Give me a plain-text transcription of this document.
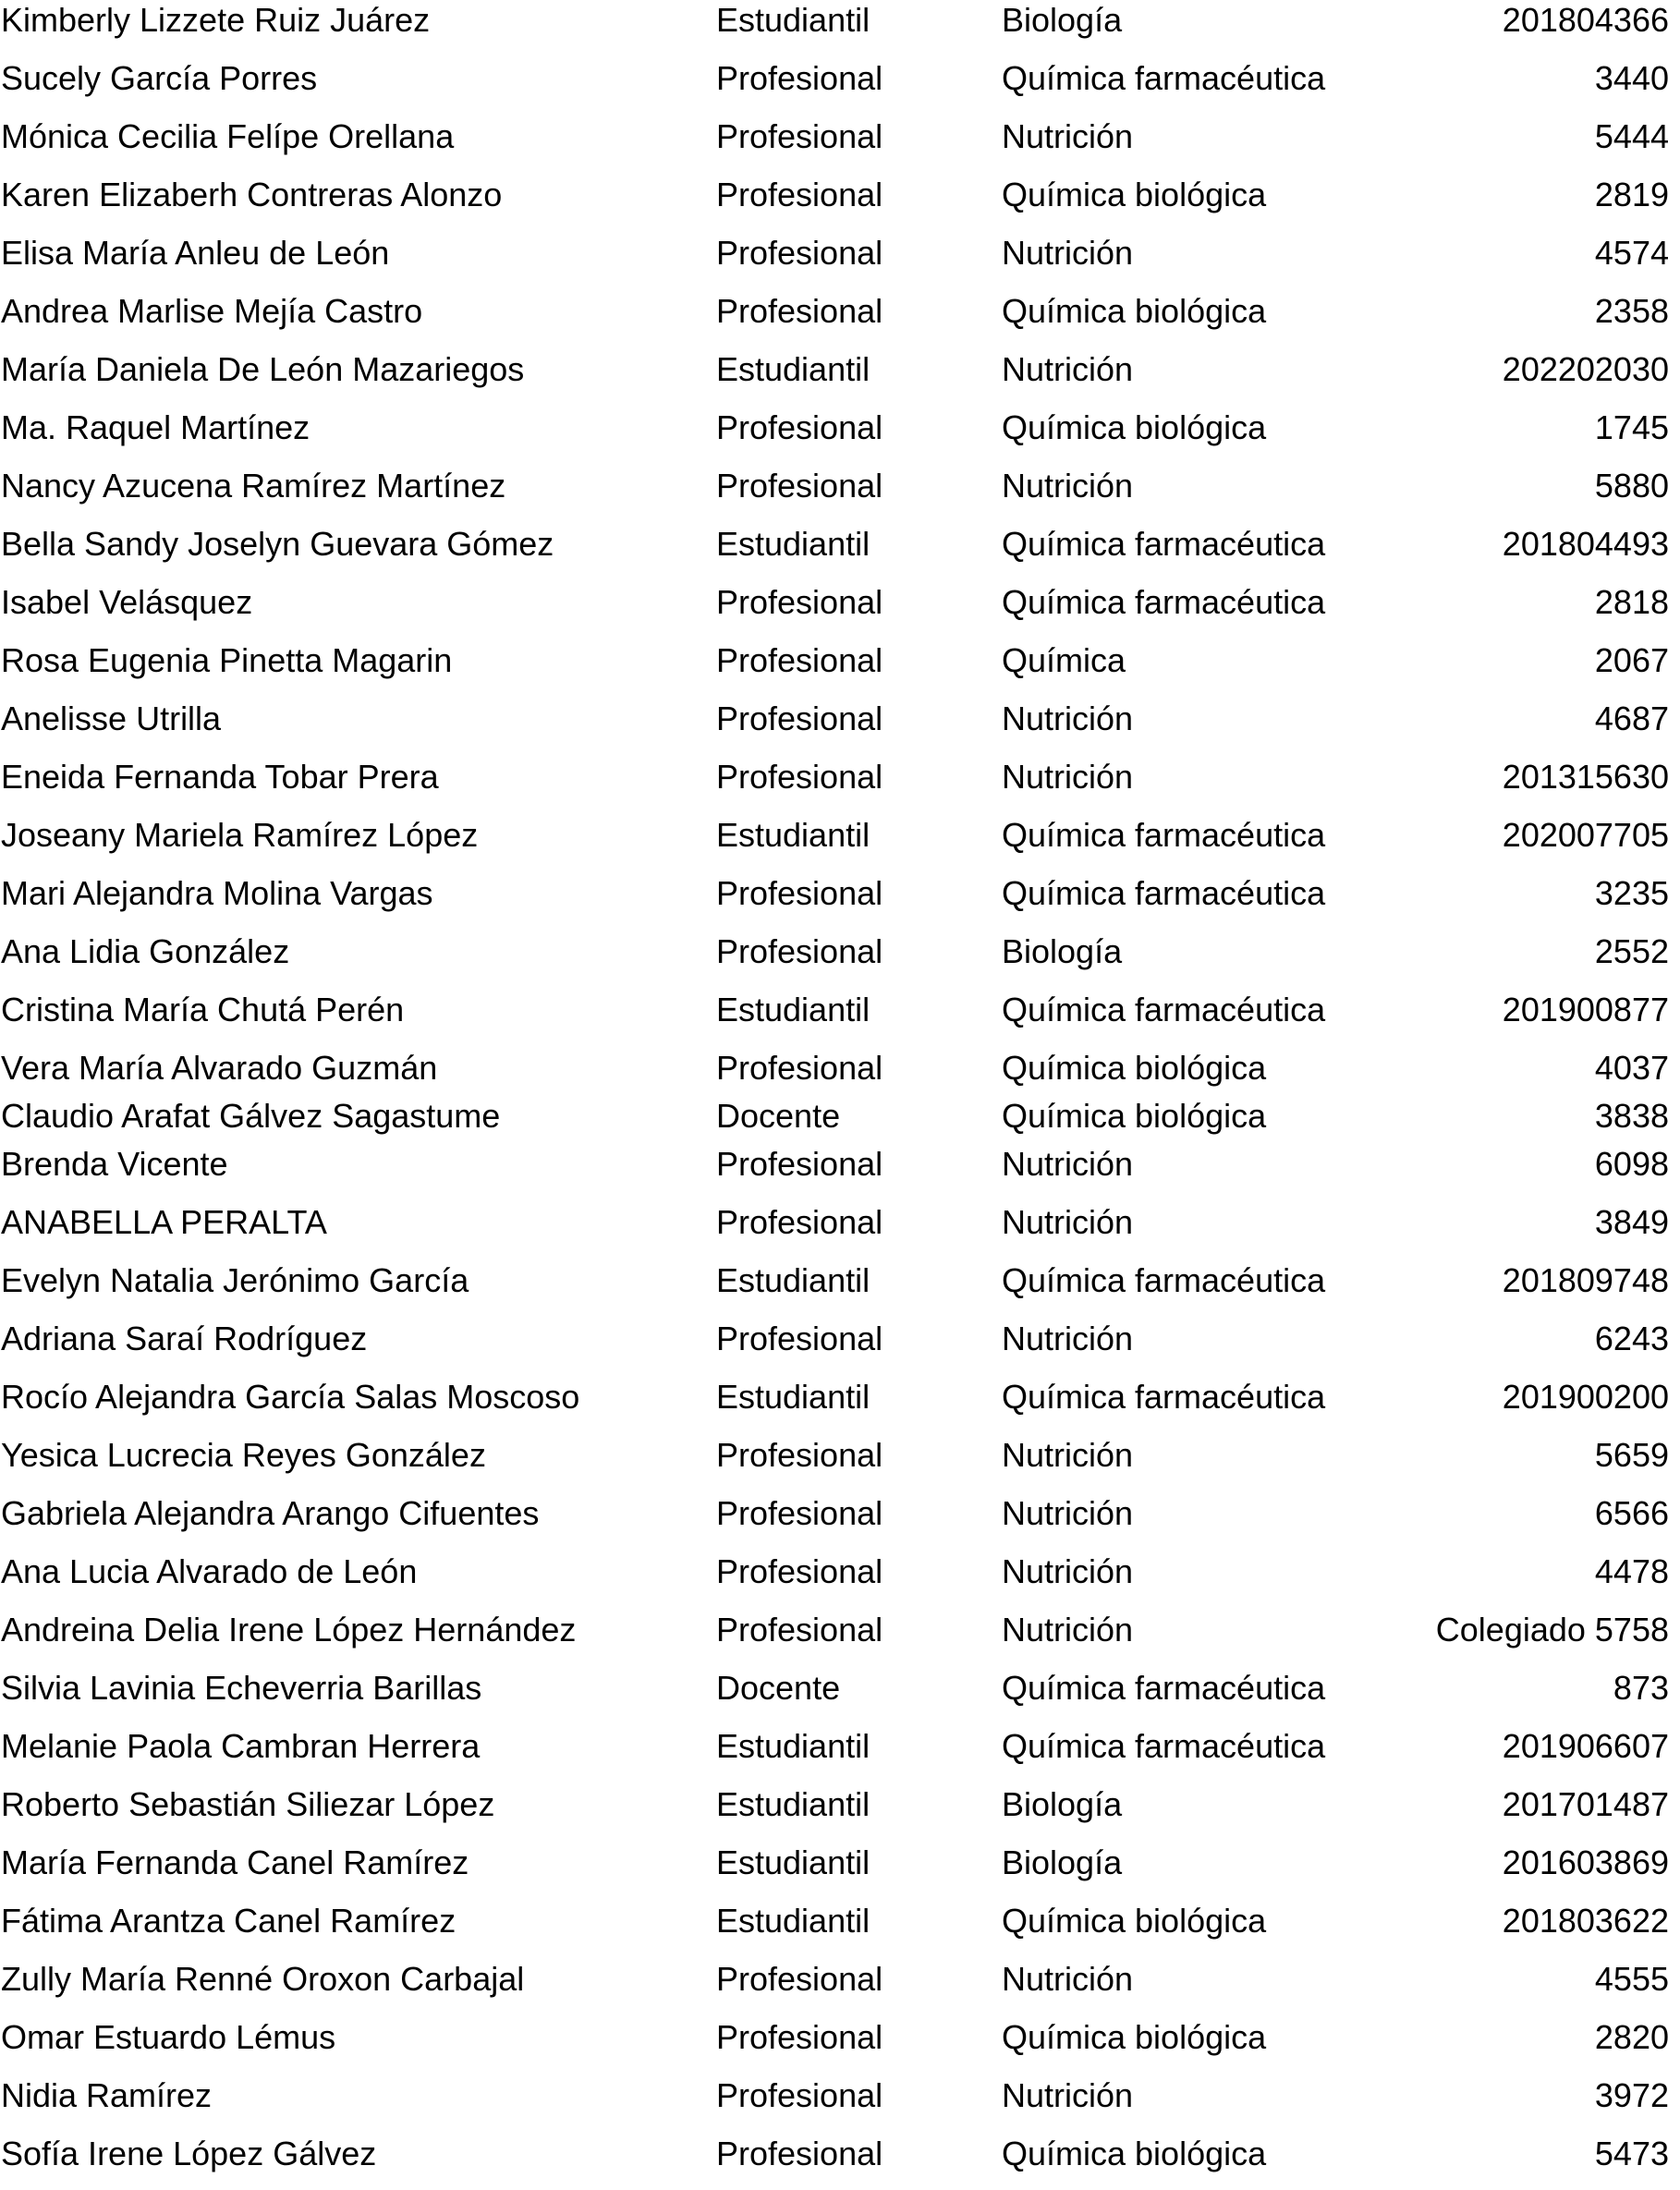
Kimberly Lizzete Ruiz Juárez	Estudiantil	Biología	201804366
Sucely García Porres	Profesional	Química farmacéutica	3440
Mónica Cecilia Felípe Orellana	Profesional	Nutrición	5444
Karen Elizaberh Contreras Alonzo	Profesional	Química biológica	2819
Elisa María Anleu de León	Profesional	Nutrición	4574
Andrea Marlise Mejía Castro	Profesional	Química biológica	2358
María Daniela De León Mazariegos	Estudiantil	Nutrición	202202030
Ma. Raquel Martínez	Profesional	Química biológica	1745
Nancy Azucena Ramírez Martínez	Profesional	Nutrición	5880
Bella Sandy Joselyn Guevara Gómez	Estudiantil	Química farmacéutica	201804493
Isabel Velásquez	Profesional	Química farmacéutica	2818
Rosa Eugenia Pinetta Magarin	Profesional	Química	2067
Anelisse Utrilla	Profesional	Nutrición	4687
Eneida Fernanda Tobar Prera	Profesional	Nutrición	201315630
Joseany Mariela Ramírez López	Estudiantil	Química farmacéutica	202007705
Mari Alejandra Molina Vargas	Profesional	Química farmacéutica	3235
Ana Lidia González	Profesional	Biología	2552
Cristina María Chutá Perén	Estudiantil	Química farmacéutica	201900877
Vera María Alvarado Guzmán	Profesional	Química biológica	4037
Claudio Arafat Gálvez Sagastume	Docente	Química biológica	3838
Brenda Vicente	Profesional	Nutrición	6098
ANABELLA PERALTA	Profesional	Nutrición	3849
Evelyn Natalia Jerónimo García	Estudiantil	Química farmacéutica	201809748
Adriana Saraí Rodríguez	Profesional	Nutrición	6243
Rocío Alejandra García Salas Moscoso	Estudiantil	Química farmacéutica	201900200
Yesica Lucrecia Reyes González	Profesional	Nutrición	5659
Gabriela Alejandra Arango Cifuentes	Profesional	Nutrición	6566
Ana Lucia Alvarado de León	Profesional	Nutrición	4478
Andreina Delia Irene López Hernández	Profesional	Nutrición	Colegiado 5758
Silvia Lavinia Echeverria Barillas	Docente	Química farmacéutica	873
Melanie Paola Cambran Herrera	Estudiantil	Química farmacéutica	201906607
Roberto Sebastián Siliezar López	Estudiantil	Biología	201701487
María Fernanda Canel Ramírez	Estudiantil	Biología	201603869
Fátima Arantza Canel Ramírez	Estudiantil	Química biológica	201803622
Zully María Renné Oroxon Carbajal	Profesional	Nutrición	4555
Omar Estuardo Lémus	Profesional	Química biológica	2820
Nidia Ramírez	Profesional	Nutrición	3972
Sofía Irene López Gálvez	Profesional	Química biológica	5473
